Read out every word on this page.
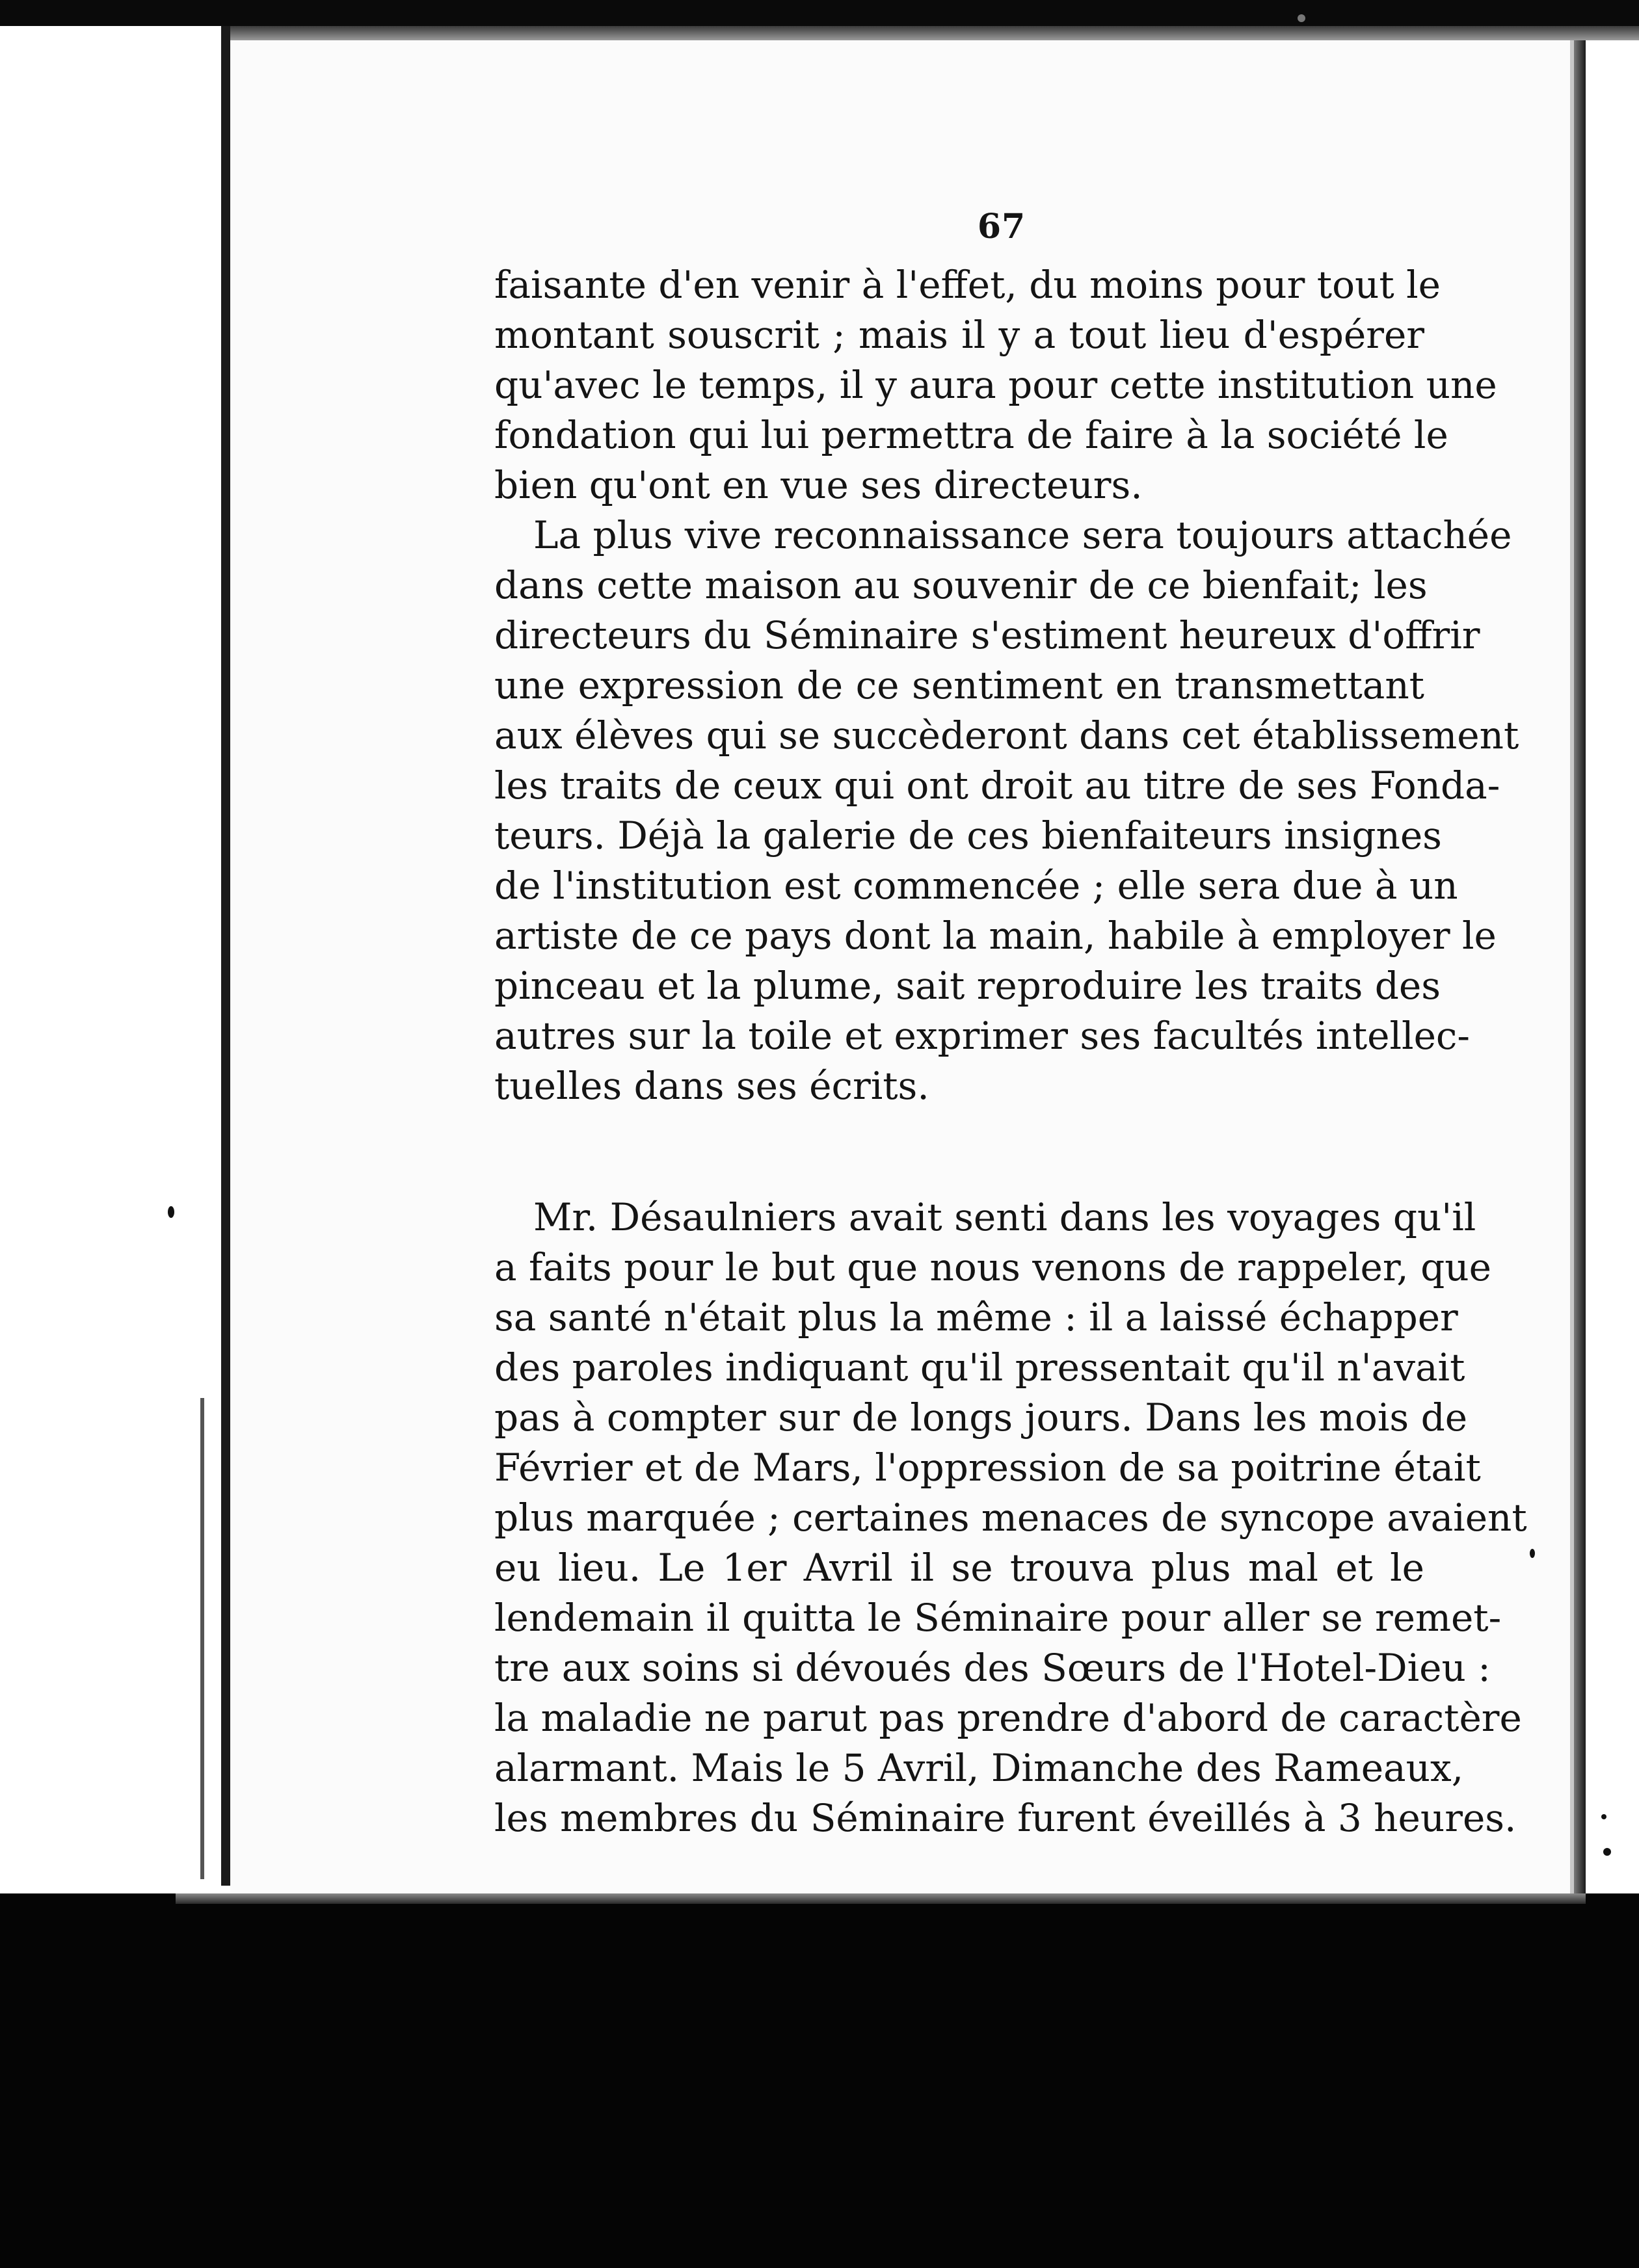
67
faisante d'en venir à l'effet, du moins pour tout le
montant souscrit ; mais il y a tout lieu d'espérer
qu'avec le temps, il y aura pour cette institution une
fondation qui lui permettra de faire à la société le
bien qu'ont en vue ses directeurs.
La plus vive reconnaissance sera toujours attachée
dans cette maison au souvenir de ce bienfait; les
directeurs du Séminaire s'estiment heureux d'offrir
une expression de ce sentiment en transmettant
aux élèves qui se succèderont dans cet établissement
les traits de ceux qui ont droit au titre de ses Fonda-
teurs. Déjà la galerie de ces bienfaiteurs insignes
de l'institution est commencée ; elle sera due à un
artiste de ce pays dont la main, habile à employer le
pinceau et la plume, sait reproduire les traits des
autres sur la toile et exprimer ses facultés intellec-
tuelles dans ses écrits.
Mr. Désaulniers avait senti dans les voyages qu'il
a faits pour le but que nous venons de rappeler, que
sa santé n'était plus la même : il a laissé échapper
des paroles indiquant qu'il pressentait qu'il n'avait
pas à compter sur de longs jours. Dans les mois de
Février et de Mars, l'oppression de sa poitrine était
plus marquée ; certaines menaces de syncope avaient
eu lieu. Le 1er Avril il se trouva plus mal et le
lendemain il quitta le Séminaire pour aller se remet-
tre aux soins si dévoués des Sœurs de l'Hotel-Dieu :
la maladie ne parut pas prendre d'abord de caractère
alarmant. Mais le 5 Avril, Dimanche des Rameaux,
les membres du Séminaire furent éveillés à 3 heures.
